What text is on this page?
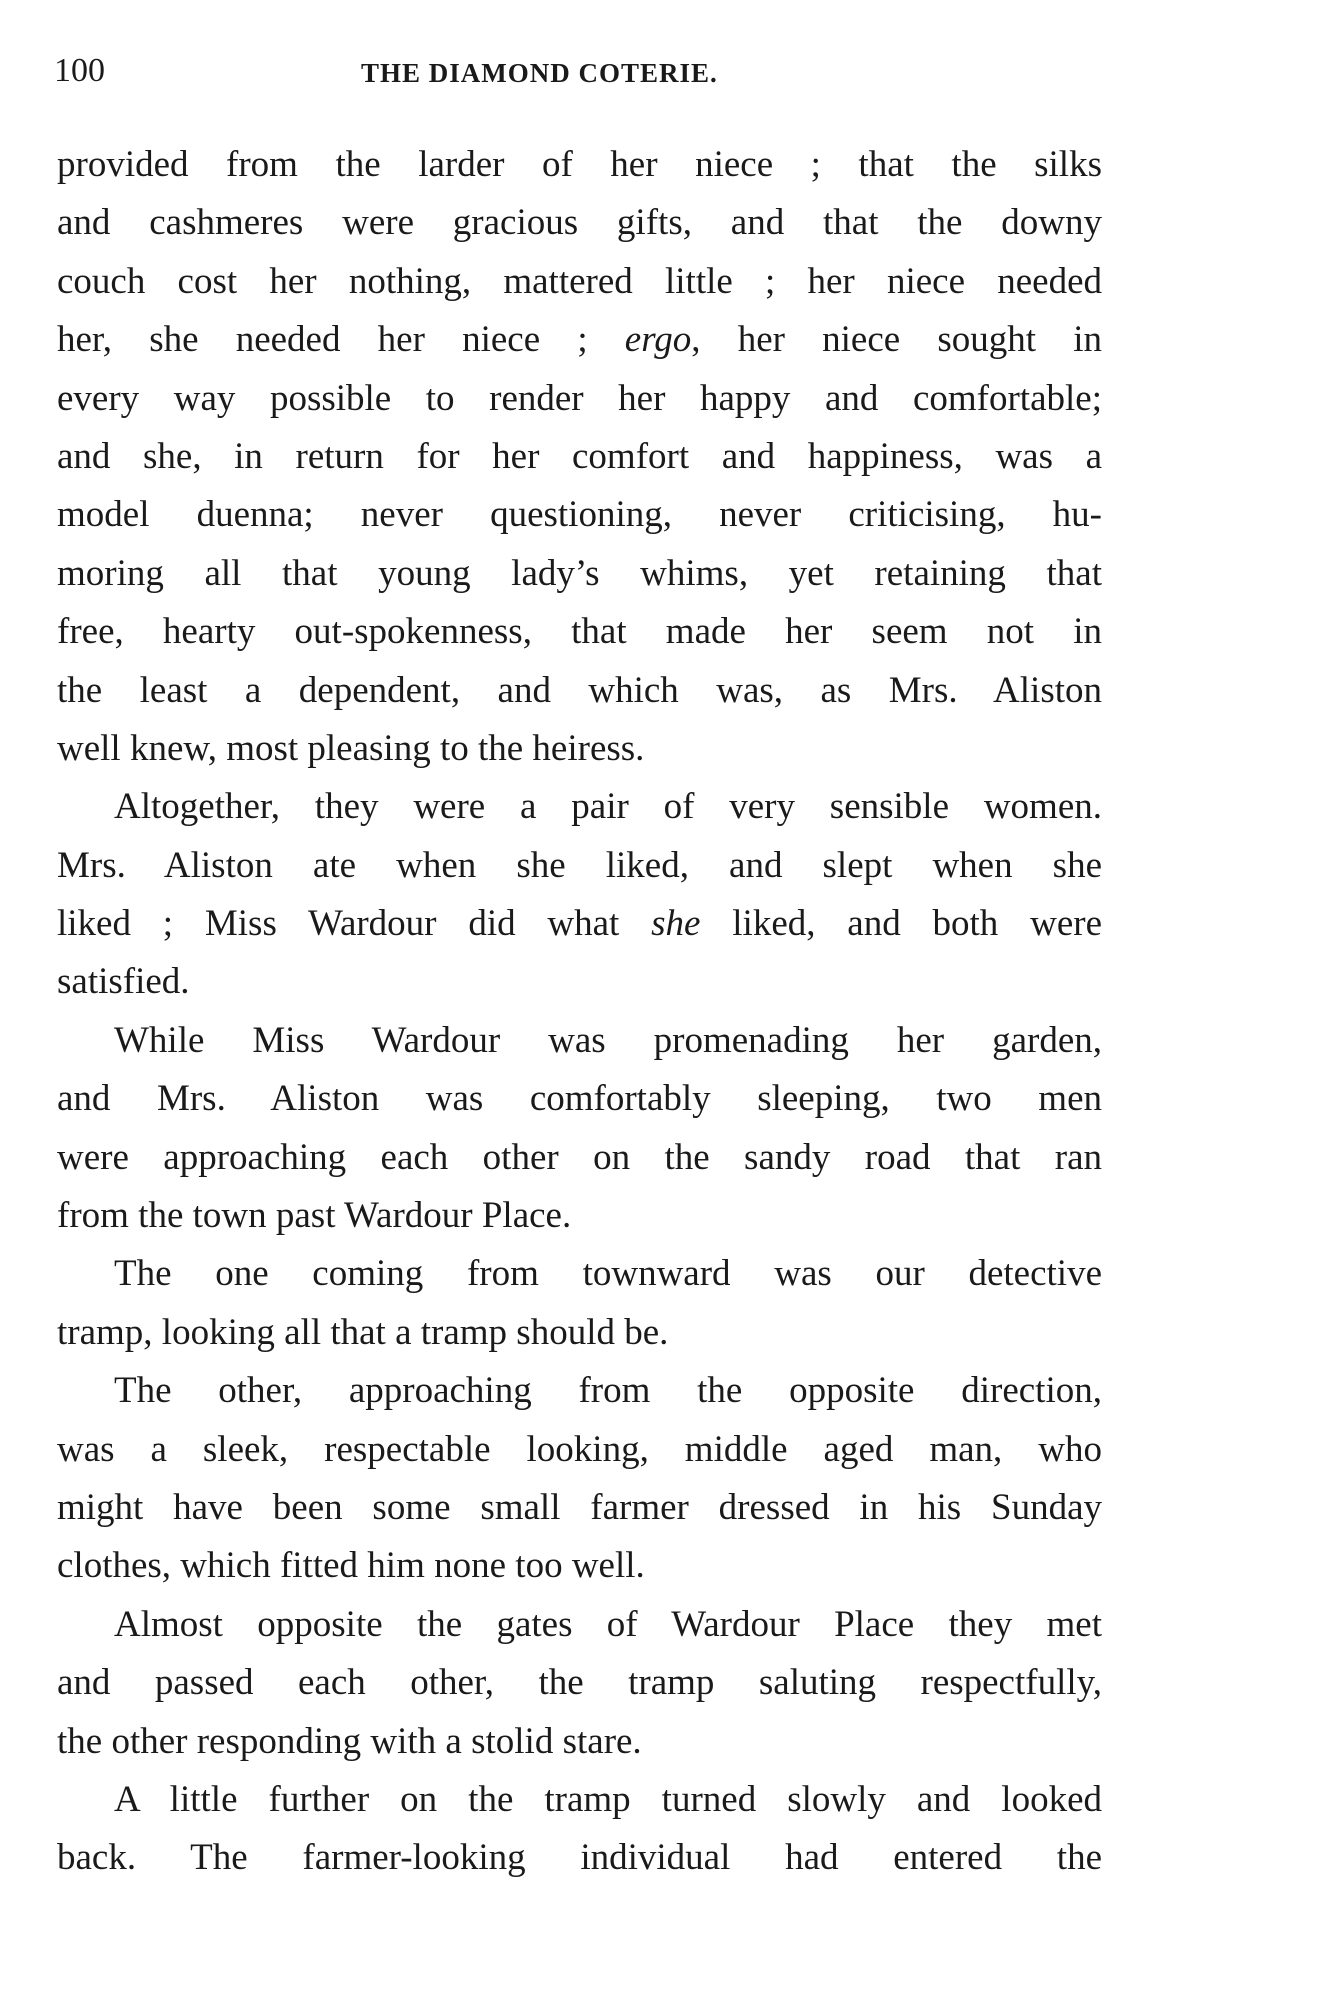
100	THE DIAMOND COTERIE.
provided from the larder of her niece ; that the silks
and cashmeres were gracious gifts, and that the downy
couch cost her nothing, mattered little ; her niece needed
her, she needed her niece ; ergo, her niece sought in
every way possible to render her happy and comfortable;
and she, in return for her comfort and happiness, was a
model duenna; never questioning, never criticising, hu-
moring all that young lady’s whims, yet retaining that
free, hearty out-spokenness, that made her seem not in
the least a dependent, and which was, as Mrs. Aliston
well knew, most pleasing to the heiress.
Altogether, they were a pair of very sensible women.
Mrs. Aliston ate when she liked, and slept when she
liked ; Miss Wardour did what she liked, and both were
satisfied.
While Miss Wardour was promenading her garden,
and Mrs. Aliston was comfortably sleeping, two men
were approaching each other on the sandy road that ran
from the town past Wardour Place.
The one coming from townward was our detective
tramp, looking all that a tramp should be.
The other, approaching from the opposite direction,
was a sleek, respectable looking, middle aged man, who
might have been some small farmer dressed in his Sunday
clothes, which fitted him none too well.
Almost opposite the gates of Wardour Place they met
and passed each other, the tramp saluting respectfully,
the other responding with a stolid stare.
A little further on the tramp turned slowly and looked
back. The farmer-looking individual had entered the
